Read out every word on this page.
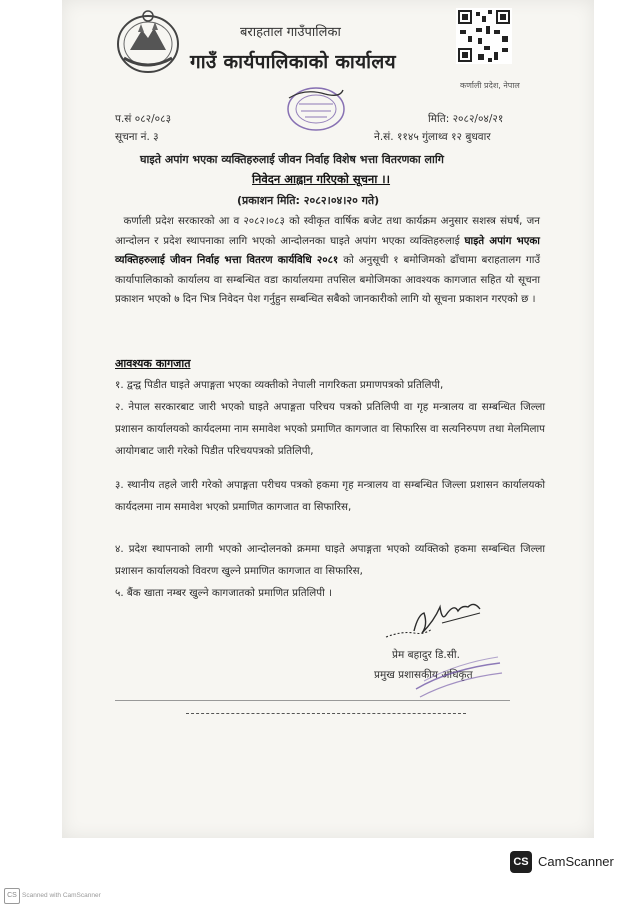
बराहताल गाउँपालिका
गाउँ कार्यपालिकाको कार्यालय
कर्णाली प्रदेश, नेपाल
प.सं ०८२/०८३
सूचना नं. ३
मिति: २०८२/०४/२१
ने.सं. ११४५ गुंलाथ्व १२ बुधवार
घाइते अपांग भएका व्यक्तिहरुलाई जीवन निर्वाह विशेष भत्ता वितरणका लागि
निवेदन आह्वान गरिएको सूचना ।।
(प्रकाशन मिति: २०८२।०४।२० गते)
कर्णाली प्रदेश सरकारको आ व २०८२।०८३ को स्वीकृत वार्षिक बजेट तथा कार्यक्रम अनुसार सशस्त्र संघर्ष, जन आन्दोलन र प्रदेश स्थापनाका लागि भएको आन्दोलनका घाइते अपांग भएका व्यक्तिहरुलाई घाइते अपांग भएका व्यक्तिहरुलाई जीवन निर्वाह भत्ता वितरण कार्यविधि २०८१ को अनुसूची १ बमोजिमको ढाँचामा बराहतालग गाउँ कार्यापालिकाको कार्यालय वा सम्बन्धित वडा कार्यालयमा तपसिल बमोजिमका आवश्यक कागजात सहित यो सूचना प्रकाशन भएको ७ दिन भित्र निवेदन पेश गर्नुहुन सम्बन्धित सबैको जानकारीको लागि यो सूचना प्रकाशन गरएको छ ।
आवश्यक कागजात
१. द्वन्द्व पिडीत घाइते अपाङ्गता भएका व्यक्तीको नेपाली नागरिकता प्रमाणपत्रको प्रतिलिपी,
२. नेपाल सरकारबाट जारी भएको घाइते अपाङ्गता परिचय पत्रको प्रतिलिपी वा गृह मन्त्रालय वा सम्बन्धित जिल्ला प्रशासन कार्यालयको कार्यदलमा नाम समावेश भएको प्रमाणित कागजात वा सिफारिस वा सत्यनिरुपण तथा मेलमिलाप आयोगबाट जारी गरेको पिडीत परिचयपत्रको प्रतिलिपी,
३. स्थानीय तहले जारी गरेको अपाङ्गता परीचय पत्रको हकमा गृह मन्त्रालय वा सम्बन्धित जिल्ला प्रशासन कार्यालयको कार्यदलमा नाम समावेश भएको प्रमाणित कागजात वा सिफारिस,
४. प्रदेश स्थापनाको लागी भएको आन्दोलनको क्रममा घाइते अपाङ्गता भएको व्यक्तिको हकमा सम्बन्धित जिल्ला प्रशासन कार्यालयको विवरण खुल्ने प्रमाणित कागजात वा सिफारिस,
५. बैंक खाता नम्बर खुल्ने कागजातको प्रमाणित प्रतिलिपी ।
प्रेम बहादुर डि.सी.
प्रमुख प्रशासकीय अधिकृत
CS CamScanner
CS Scanned with CamScanner
